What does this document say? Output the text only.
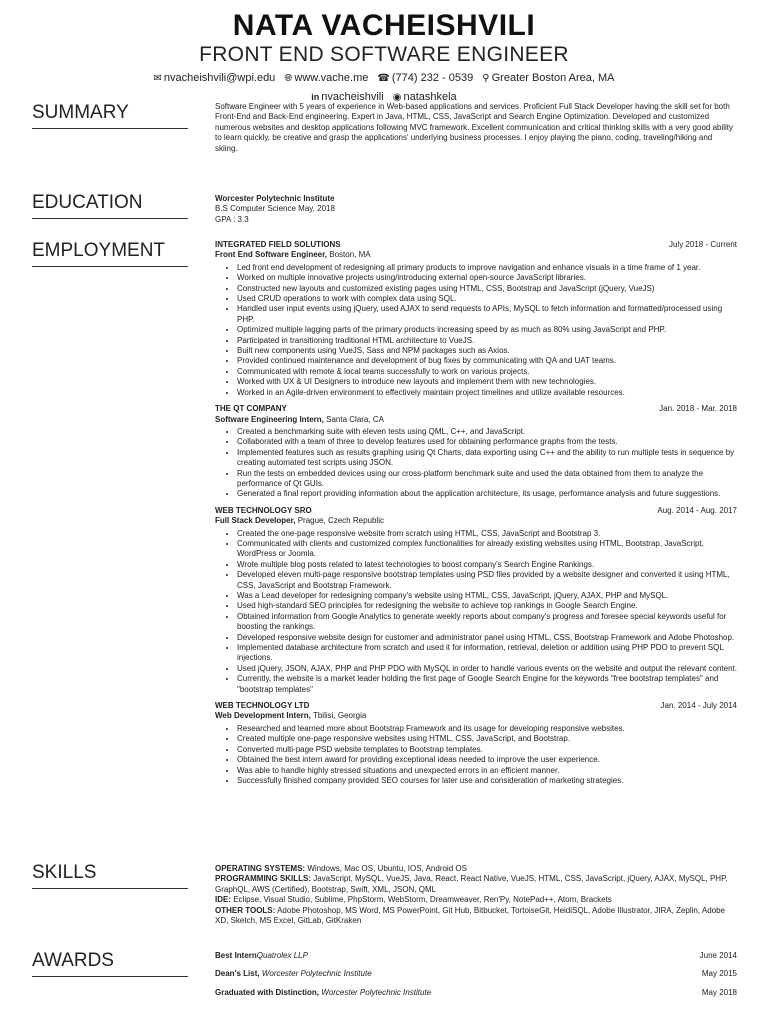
NATA VACHEISHVILI
FRONT END SOFTWARE ENGINEER
✉ nvacheishvili@wpi.edu 🌐︎ www.vache.me ☎ (774) 232 - 0539 ⚲ Greater Boston Area, MA
in nvacheishvili ◉ natashkela
SUMMARY	Software Engineer with 5 years of experience in Web-based applications and services. Proficient Full Stack Developer having the skill set for both Front-End and Back-End engineering. Expert in Java, HTML, CSS, JavaScript and Search Engine Optimization. Developed and customized numerous websites and desktop applications following MVC framework. Excellent communication and critical thinking skills with a very good ability to learn quickly, be creative and grasp the applications' underlying business processes. I enjoy playing the piano, coding, traveling/hiking and skiing.
EDUCATION	Worcester Polytechnic Institute
B.S Computer Science May, 2018
GPA : 3.3
EMPLOYMENT	INTEGRATED FIELD SOLUTIONS	July 2018 - Current
Front End Software Engineer, Boston, MA
• Led front end development of redesigning all primary products to improve navigation and enhance visuals in a time frame of 1 year.
• Worked on multiple innovative projects using/introducing external open-source JavaScript libraries.
• Constructed new layouts and customized existing pages using HTML, CSS, Bootstrap and JavaScript (jQuery, VueJS)
• Used CRUD operations to work with complex data using SQL.
• Handled user input events using jQuery, used AJAX to send requests to APIs, MySQL to fetch information and formatted/processed using PHP.
• Optimized multiple lagging parts of the primary products increasing speed by as much as 80% using JavaScript and PHP.
• Participated in transitioning traditional HTML architecture to VueJS.
• Built new components using VueJS, Sass and NPM packages such as Axios.
• Provided continued maintenance and development of bug fixes by communicating with QA and UAT teams.
• Communicated with remote & local teams successfully to work on various projects.
• Worked with UX & UI Designers to introduce new layouts and implement them with new technologies.
• Worked in an Agile-driven environment to effectively maintain project timelines and utilize available resources.
THE QT COMPANY	Jan. 2018 - Mar. 2018
Software Engineering Intern, Santa Clara, CA
• Created a benchmarking suite with eleven tests using QML, C++, and JavaScript.
• Collaborated with a team of three to develop features used for obtaining performance graphs from the tests.
• Implemented features such as results graphing using Qt Charts, data exporting using C++ and the ability to run multiple tests in sequence by creating automated test scripts using JSON.
• Run the tests on embedded devices using our cross-platform benchmark suite and used the data obtained from them to analyze the performance of Qt GUIs.
• Generated a final report providing information about the application architecture, its usage, performance analysis and future suggestions.
WEB TECHNOLOGY SRO	Aug. 2014 - Aug. 2017
Full Stack Developer, Prague, Czech Republic
• Created the one-page responsive website from scratch using HTML, CSS, JavaScript and Bootstrap 3.
• Communicated with clients and customized complex functionalities for already existing websites using HTML, Bootstrap, JavaScript, WordPress or Joomla.
• Wrote multiple blog posts related to latest technologies to boost company's Search Engine Rankings.
• Developed eleven multi-page responsive bootstrap templates using PSD files provided by a website designer and converted it using HTML, CSS, JavaScript and Bootstrap Framework.
• Was a Lead developer for redesigning company's website using HTML, CSS, JavaScript, jQuery, AJAX, PHP and MySQL.
• Used high-standard SEO principles for redesigning the website to achieve top rankings in Google Search Engine.
• Obtained information from Google Analytics to generate weekly reports about company's progress and foresee special keywords useful for boosting the rankings.
• Developed responsive website design for customer and administrator panel using HTML, CSS, Bootstrap Framework and Adobe Photoshop.
• Implemented database architecture from scratch and used it for information, retrieval, deletion or addition using PHP PDO to prevent SQL injections.
• Used jQuery, JSON, AJAX, PHP and PHP PDO with MySQL in order to handle various events on the website and output the relevant content.
• Currently, the website is a market leader holding the first page of Google Search Engine for the keywords "free bootstrap templates" and "bootstrap templates"
WEB TECHNOLOGY LTD	Jan. 2014 - July 2014
Web Development Intern, Tbilisi, Georgia
• Researched and learned more about Bootstrap Framework and its usage for developing responsive websites.
• Created multiple one-page responsive websites using HTML, CSS, JavaScript, and Bootstrap.
• Converted multi-page PSD website templates to Bootstrap templates.
• Obtained the best intern award for providing exceptional ideas needed to improve the user experience.
• Was able to handle highly stressed situations and unexpected errors in an efficient manner.
• Successfully finished company provided SEO courses for later use and consideration of marketing strategies.
SKILLS	OPERATING SYSTEMS: Windows, Mac OS, Ubuntu, IOS, Android OS
PROGRAMMING SKILLS: JavaScript, MySQL, VueJS, Java, React, React Native, VueJS, HTML, CSS, JavaScript, jQuery, AJAX, MySQL, PHP, GraphQL, AWS (Certified), Bootstrap, Swift, XML, JSON, QML
IDE: Eclipse, Visual Studio, Sublime, PhpStorm, WebStorm, Dreamweaver, Ren'Py, NotePad++, Atom, Brackets
OTHER TOOLS: Adobe Photoshop, MS Word, MS PowerPoint, Git Hub, Bitbucket, TortoiseGit, HeidiSQL, Adobe Illustrator, JIRA, Zeplin, Adobe XD, Sketch, MS Excel, GitLab, GitKraken
AWARDS	Best InternQuatrolex LLP	June 2014
Dean's List, Worcester Polytechnic Institute	May 2015
Graduated with Distinction, Worcester Polytechnic Institute	May 2018
